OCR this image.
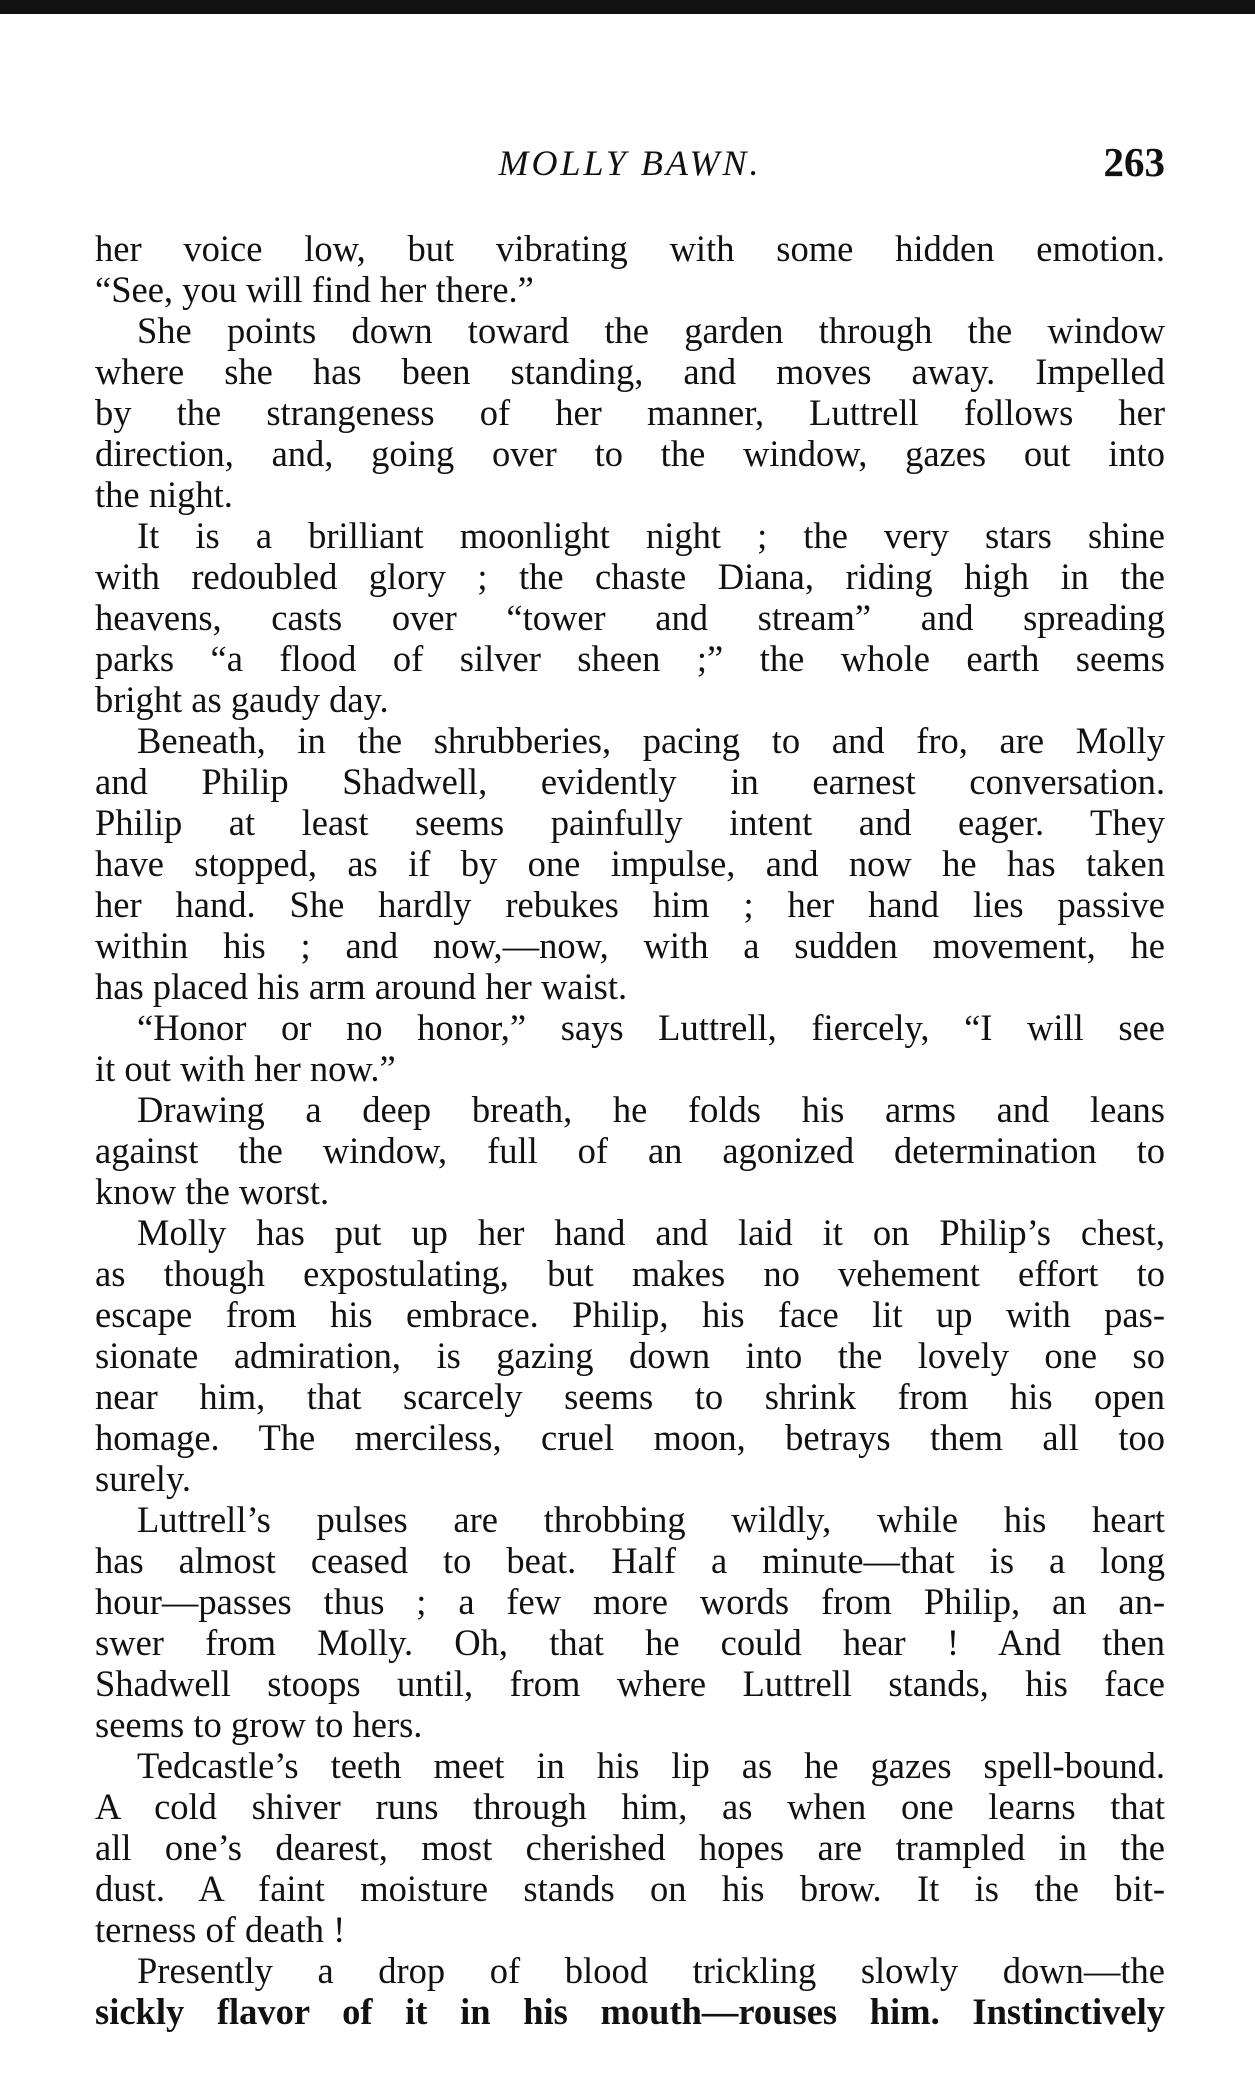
MOLLY BAWN.	263
her voice low, but vibrating with some hidden emotion.
“See, you will find her there.”
She points down toward the garden through the window
where she has been standing, and moves away. Impelled
by the strangeness of her manner, Luttrell follows her
direction, and, going over to the window, gazes out into
the night.
It is a brilliant moonlight night ; the very stars shine
with redoubled glory ; the chaste Diana, riding high in the
heavens, casts over “tower and stream” and spreading
parks “a flood of silver sheen ;” the whole earth seems
bright as gaudy day.
Beneath, in the shrubberies, pacing to and fro, are Molly
and Philip Shadwell, evidently in earnest conversation.
Philip at least seems painfully intent and eager. They
have stopped, as if by one impulse, and now he has taken
her hand. She hardly rebukes him ; her hand lies passive
within his ; and now,—now, with a sudden movement, he
has placed his arm around her waist.
“Honor or no honor,” says Luttrell, fiercely, “I will see
it out with her now.”
Drawing a deep breath, he folds his arms and leans
against the window, full of an agonized determination to
know the worst.
Molly has put up her hand and laid it on Philip’s chest,
as though expostulating, but makes no vehement effort to
escape from his embrace. Philip, his face lit up with pas-
sionate admiration, is gazing down into the lovely one so
near him, that scarcely seems to shrink from his open
homage. The merciless, cruel moon, betrays them all too
surely.
Luttrell’s pulses are throbbing wildly, while his heart
has almost ceased to beat. Half a minute—that is a long
hour—passes thus ; a few more words from Philip, an an-
swer from Molly. Oh, that he could hear ! And then
Shadwell stoops until, from where Luttrell stands, his face
seems to grow to hers.
Tedcastle’s teeth meet in his lip as he gazes spell-bound.
A cold shiver runs through him, as when one learns that
all one’s dearest, most cherished hopes are trampled in the
dust. A faint moisture stands on his brow. It is the bit-
terness of death !
Presently a drop of blood trickling slowly down—the
sickly flavor of it in his mouth—rouses him. Instinctively
